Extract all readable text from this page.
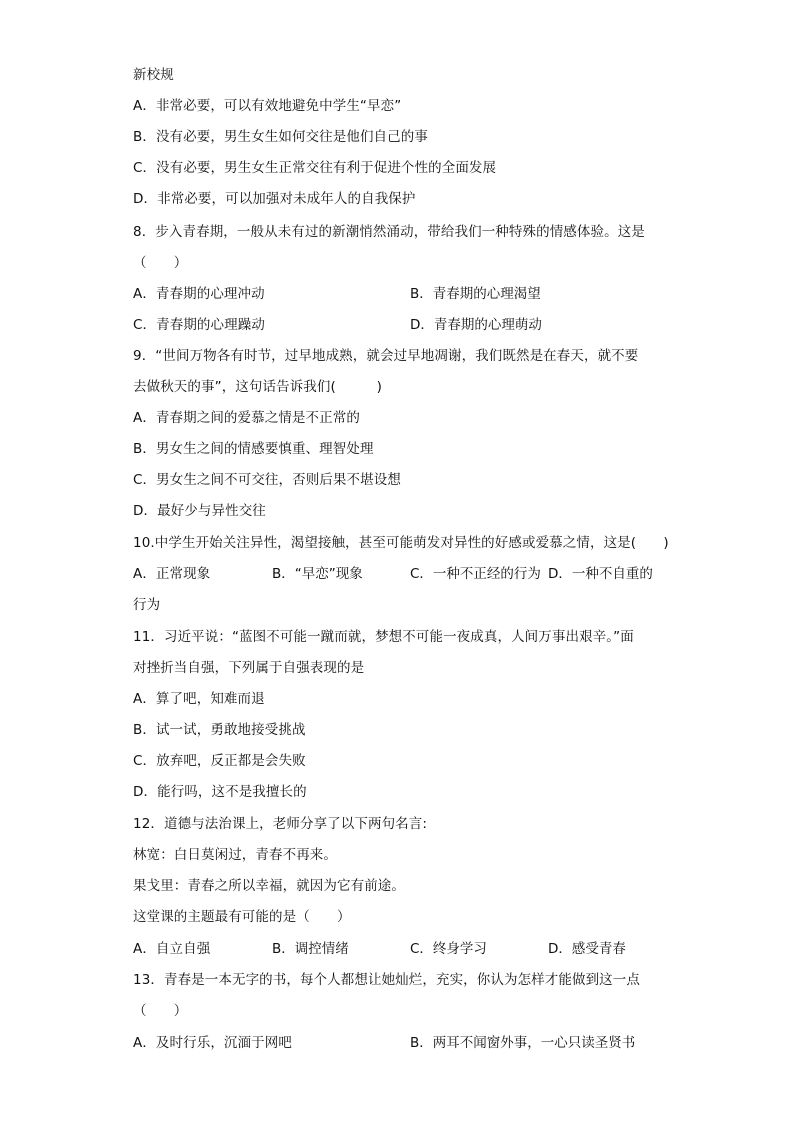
新校规
A．非常必要，可以有效地避免中学生“早恋”
B．没有必要，男生女生如何交往是他们自己的事
C．没有必要，男生女生正常交往有利于促进个性的全面发展
D．非常必要，可以加强对未成年人的自我保护
8．步入青春期，一般从未有过的新潮悄然涌动，带给我们一种特殊的情感体验。这是
（　　）
A．青春期的心理冲动	B．青春期的心理渴望
C．青春期的心理躁动	D．青春期的心理萌动
9．“世间万物各有时节，过早地成熟，就会过早地凋谢，我们既然是在春天，就不要
去做秋天的事”，这句话告诉我们(　　　)
A．青春期之间的爱慕之情是不正常的
B．男女生之间的情感要慎重、理智处理
C．男女生之间不可交往，否则后果不堪设想
D．最好少与异性交往
10.中学生开始关注异性，渴望接触，甚至可能萌发对异性的好感或爱慕之情，这是(　　)
A．正常现象	B．“早恋”现象	C．一种不正经的行为 D．一种不自重的
行为
11．习近平说：“蓝图不可能一蹴而就，梦想不可能一夜成真，人间万事出艰辛。”面
对挫折当自强，下列属于自强表现的是
A．算了吧，知难而退
B．试一试，勇敢地接受挑战
C．放弃吧，反正都是会失败
D．能行吗，这不是我擅长的
12．道德与法治课上，老师分享了以下两句名言:
林宽：白日莫闲过，青春不再来。
果戈里：青春之所以幸福，就因为它有前途。
这堂课的主题最有可能的是（　　）
A．自立自强	B．调控情绪	C．终身学习	D．感受青春
13．青春是一本无字的书，每个人都想让她灿烂，充实，你认为怎样才能做到这一点
（　　）
A．及时行乐，沉湎于网吧	B．两耳不闻窗外事，一心只读圣贤书
